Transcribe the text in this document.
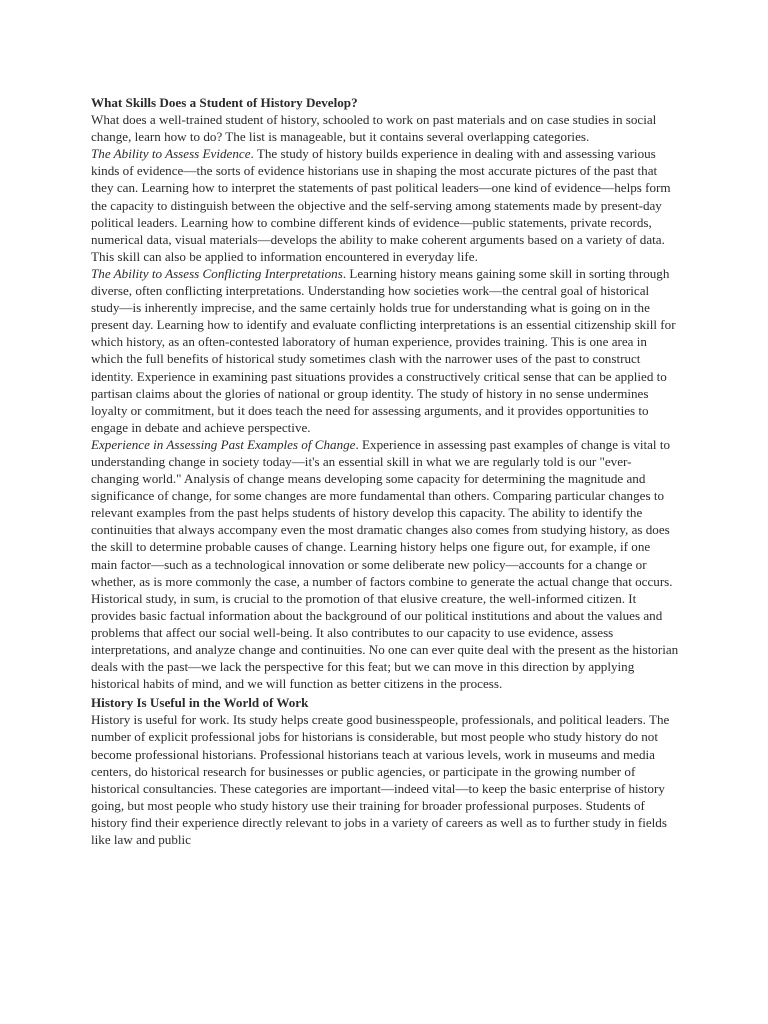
What Skills Does a Student of History Develop?

What does a well-trained student of history, schooled to work on past materials and on case studies in social change, learn how to do? The list is manageable, but it contains several overlapping categories.

The Ability to Assess Evidence. The study of history builds experience in dealing with and assessing various kinds of evidence—the sorts of evidence historians use in shaping the most accurate pictures of the past that they can. Learning how to interpret the statements of past political leaders—one kind of evidence—helps form the capacity to distinguish between the objective and the self-serving among statements made by present-day political leaders. Learning how to combine different kinds of evidence—public statements, private records, numerical data, visual materials—develops the ability to make coherent arguments based on a variety of data. This skill can also be applied to information encountered in everyday life.

The Ability to Assess Conflicting Interpretations. Learning history means gaining some skill in sorting through diverse, often conflicting interpretations. Understanding how societies work—the central goal of historical study—is inherently imprecise, and the same certainly holds true for understanding what is going on in the present day. Learning how to identify and evaluate conflicting interpretations is an essential citizenship skill for which history, as an often-contested laboratory of human experience, provides training. This is one area in which the full benefits of historical study sometimes clash with the narrower uses of the past to construct identity. Experience in examining past situations provides a constructively critical sense that can be applied to partisan claims about the glories of national or group identity. The study of history in no sense undermines loyalty or commitment, but it does teach the need for assessing arguments, and it provides opportunities to engage in debate and achieve perspective.

Experience in Assessing Past Examples of Change. Experience in assessing past examples of change is vital to understanding change in society today—it's an essential skill in what we are regularly told is our "ever-changing world." Analysis of change means developing some capacity for determining the magnitude and significance of change, for some changes are more fundamental than others. Comparing particular changes to relevant examples from the past helps students of history develop this capacity. The ability to identify the continuities that always accompany even the most dramatic changes also comes from studying history, as does the skill to determine probable causes of change. Learning history helps one figure out, for example, if one main factor—such as a technological innovation or some deliberate new policy—accounts for a change or whether, as is more commonly the case, a number of factors combine to generate the actual change that occurs.

Historical study, in sum, is crucial to the promotion of that elusive creature, the well-informed citizen. It provides basic factual information about the background of our political institutions and about the values and problems that affect our social well-being. It also contributes to our capacity to use evidence, assess interpretations, and analyze change and continuities. No one can ever quite deal with the present as the historian deals with the past—we lack the perspective for this feat; but we can move in this direction by applying historical habits of mind, and we will function as better citizens in the process.

History Is Useful in the World of Work

History is useful for work. Its study helps create good businesspeople, professionals, and political leaders. The number of explicit professional jobs for historians is considerable, but most people who study history do not become professional historians. Professional historians teach at various levels, work in museums and media centers, do historical research for businesses or public agencies, or participate in the growing number of historical consultancies. These categories are important—indeed vital—to keep the basic enterprise of history going, but most people who study history use their training for broader professional purposes. Students of history find their experience directly relevant to jobs in a variety of careers as well as to further study in fields like law and public
